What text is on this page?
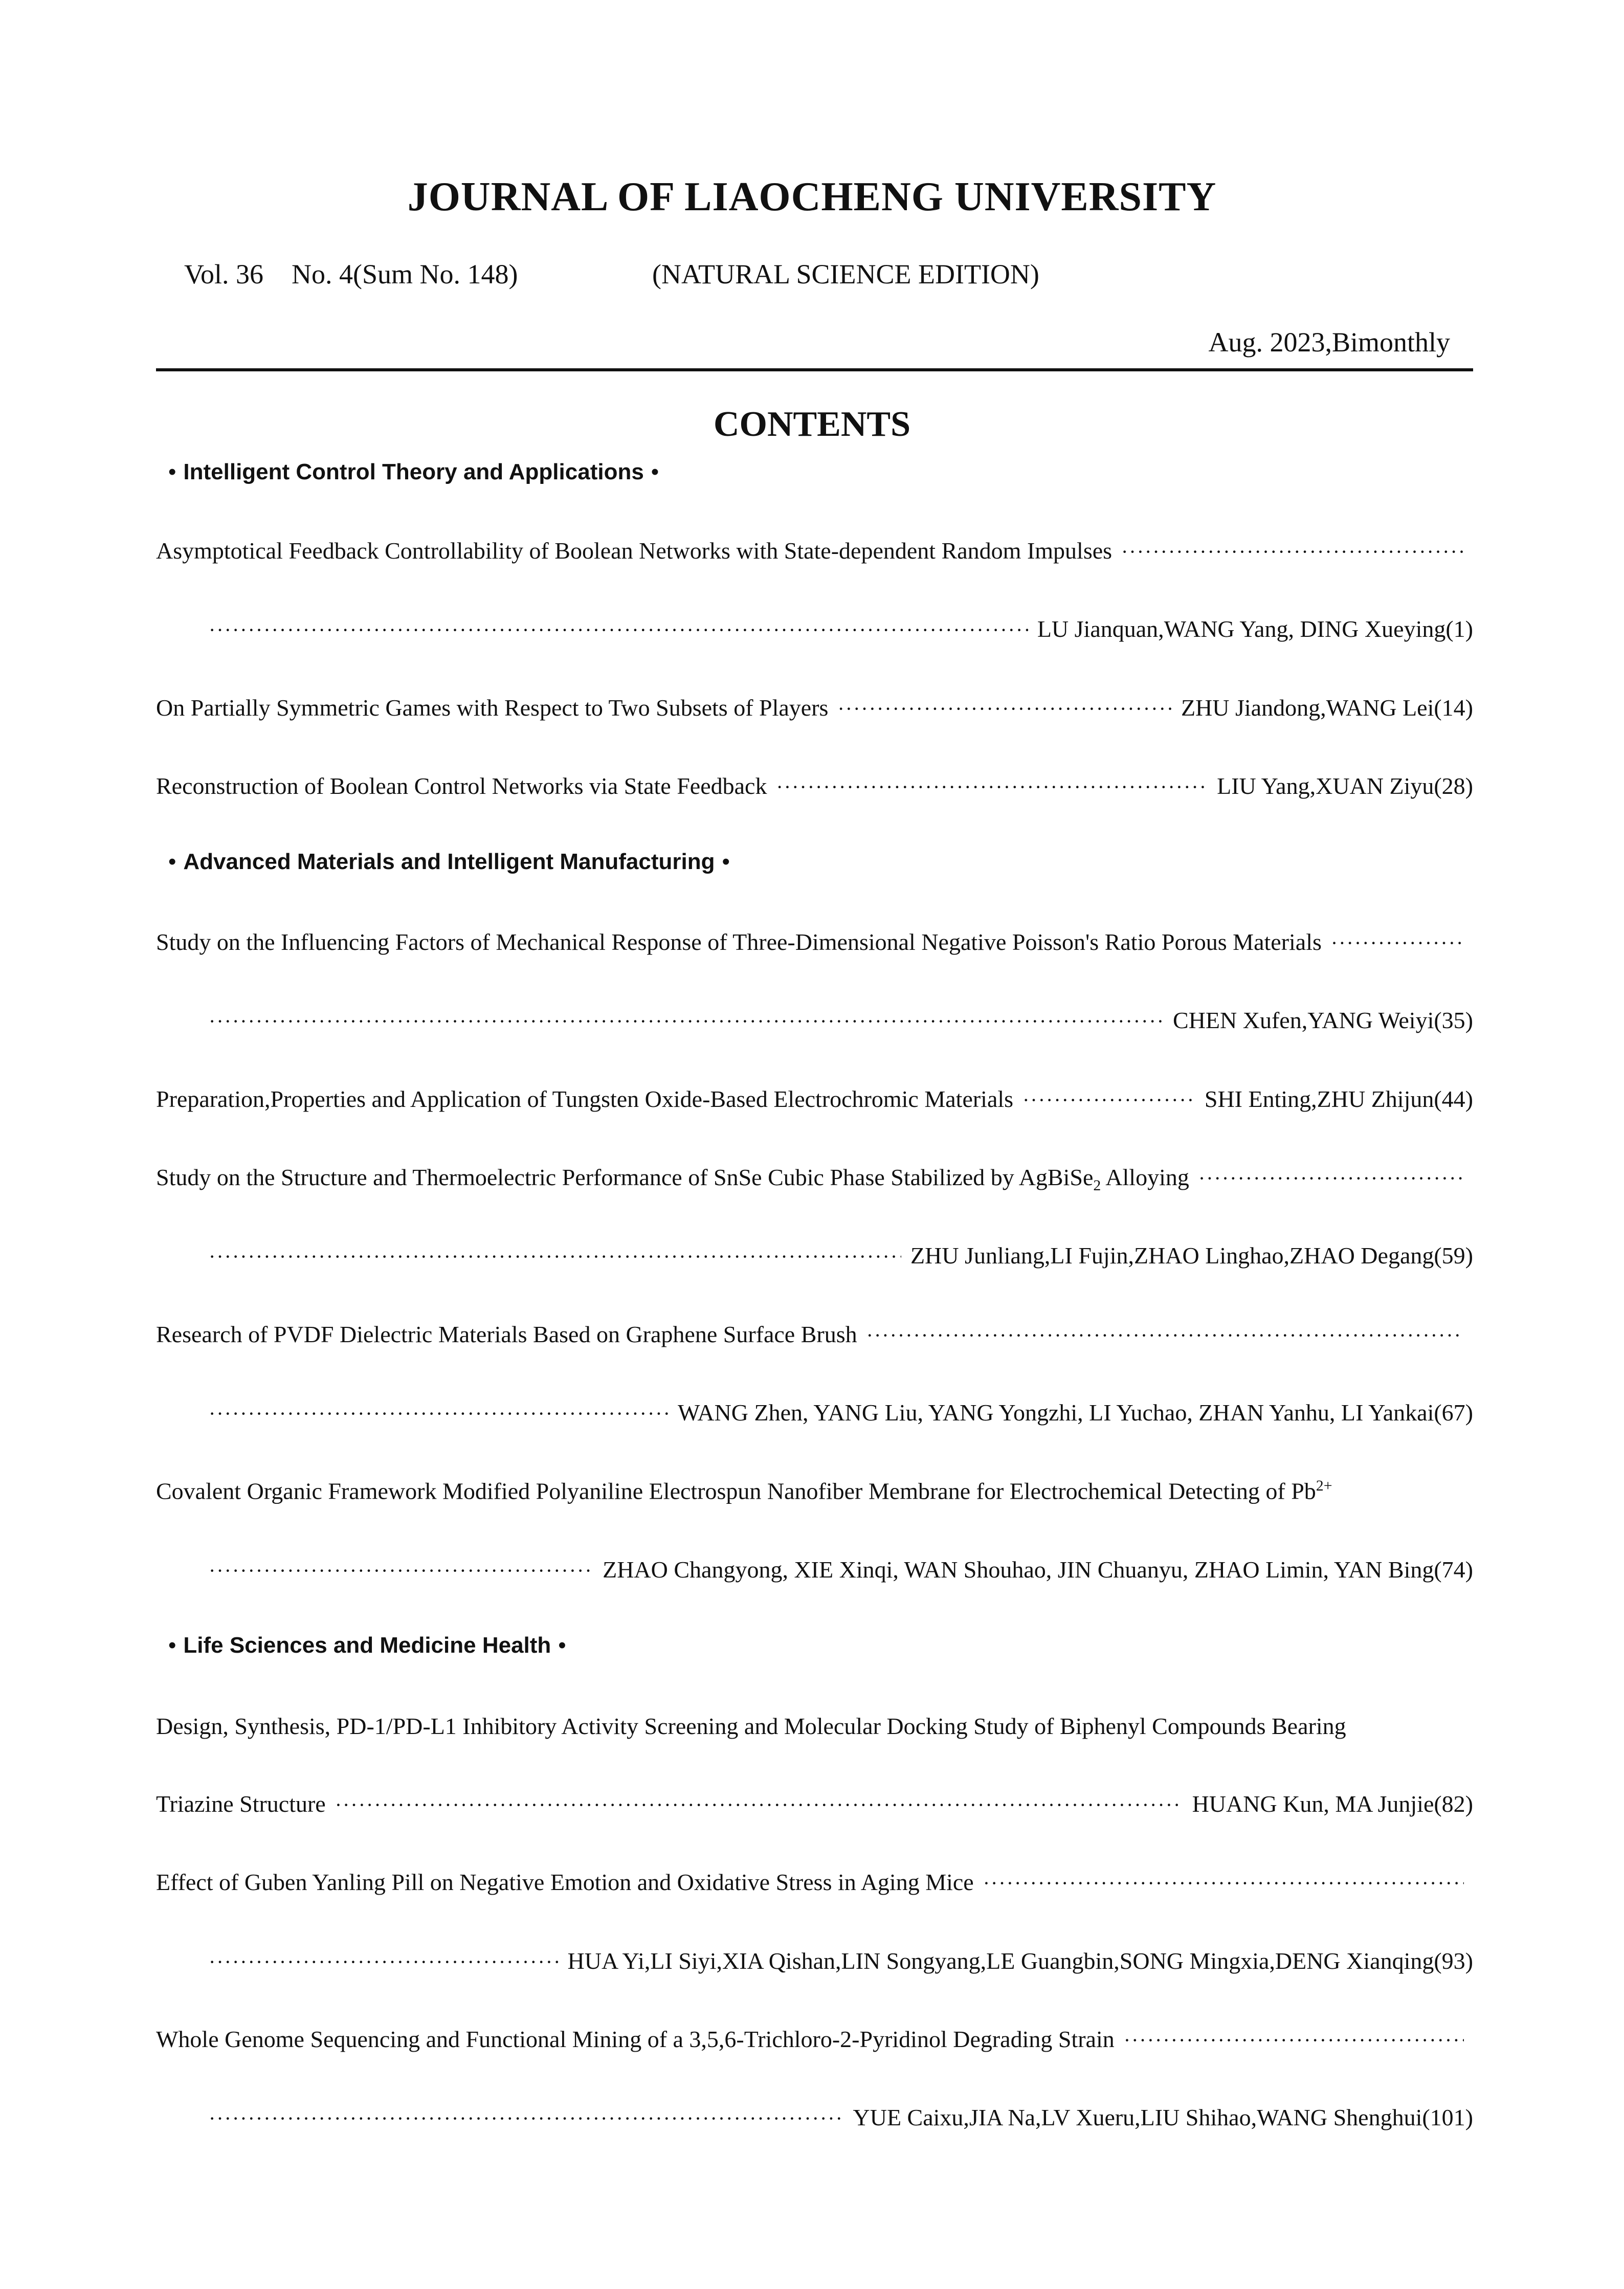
JOURNAL OF LIAOCHENG UNIVERSITY
Vol. 36 No. 4(Sum No. 148)	(NATURAL SCIENCE EDITION)
Aug. 2023,Bimonthly
CONTENTS
• Intelligent Control Theory and Applications •
Asymptotical Feedback Controllability of Boolean Networks with State-dependent Random Impulses
·····
·····
LU Jianquan,WANG Yang, DING Xueying(1)
On Partially Symmetric Games with Respect to Two Subsets of Players ·····	ZHU Jiandong,WANG Lei(14)
Reconstruction of Boolean Control Networks via State Feedback ·····	LIU Yang,XUAN Ziyu(28)
• Advanced Materials and Intelligent Manufacturing •
Study on the Influencing Factors of Mechanical Response of Three-Dimensional Negative Poisson's Ratio Porous Materials
·····
·····
CHEN Xufen,YANG Weiyi(35)
Preparation,Properties and Application of Tungsten Oxide-Based Electrochromic Materials ·····	SHI Enting,ZHU Zhijun(44)
Study on the Structure and Thermoelectric Performance of SnSe Cubic Phase Stabilized by AgBiSe$_2$ Alloying
·····
·····
ZHU Junliang,LI Fujin,ZHAO Linghao,ZHAO Degang(59)
Research of PVDF Dielectric Materials Based on Graphene Surface Brush
·····
·····
WANG Zhen, YANG Liu, YANG Yongzhi, LI Yuchao, ZHAN Yanhu, LI Yankai(67)
Covalent Organic Framework Modified Polyaniline Electrospun Nanofiber Membrane for Electrochemical Detecting of $Pb^{2+}$
·····
ZHAO Changyong, XIE Xinqi, WAN Shouhao, JIN Chuanyu, ZHAO Limin, YAN Bing(74)
• Life Sciences and Medicine Health •
Design, Synthesis, PD-1/PD-L1 Inhibitory Activity Screening and Molecular Docking Study of Biphenyl Compounds Bearing
Triazine Structure ·····	HUANG Kun, MA Junjie(82)
Effect of Guben Yanling Pill on Negative Emotion and Oxidative Stress in Aging Mice
·····
·····
HUA Yi,LI Siyi,XIA Qishan,LIN Songyang,LE Guangbin,SONG Mingxia,DENG Xianqing(93)
Whole Genome Sequencing and Functional Mining of a 3,5,6-Trichloro-2-Pyridinol Degrading Strain
·····
·····
YUE Caixu,JIA Na,LV Xueru,LIU Shihao,WANG Shenghui(101)
